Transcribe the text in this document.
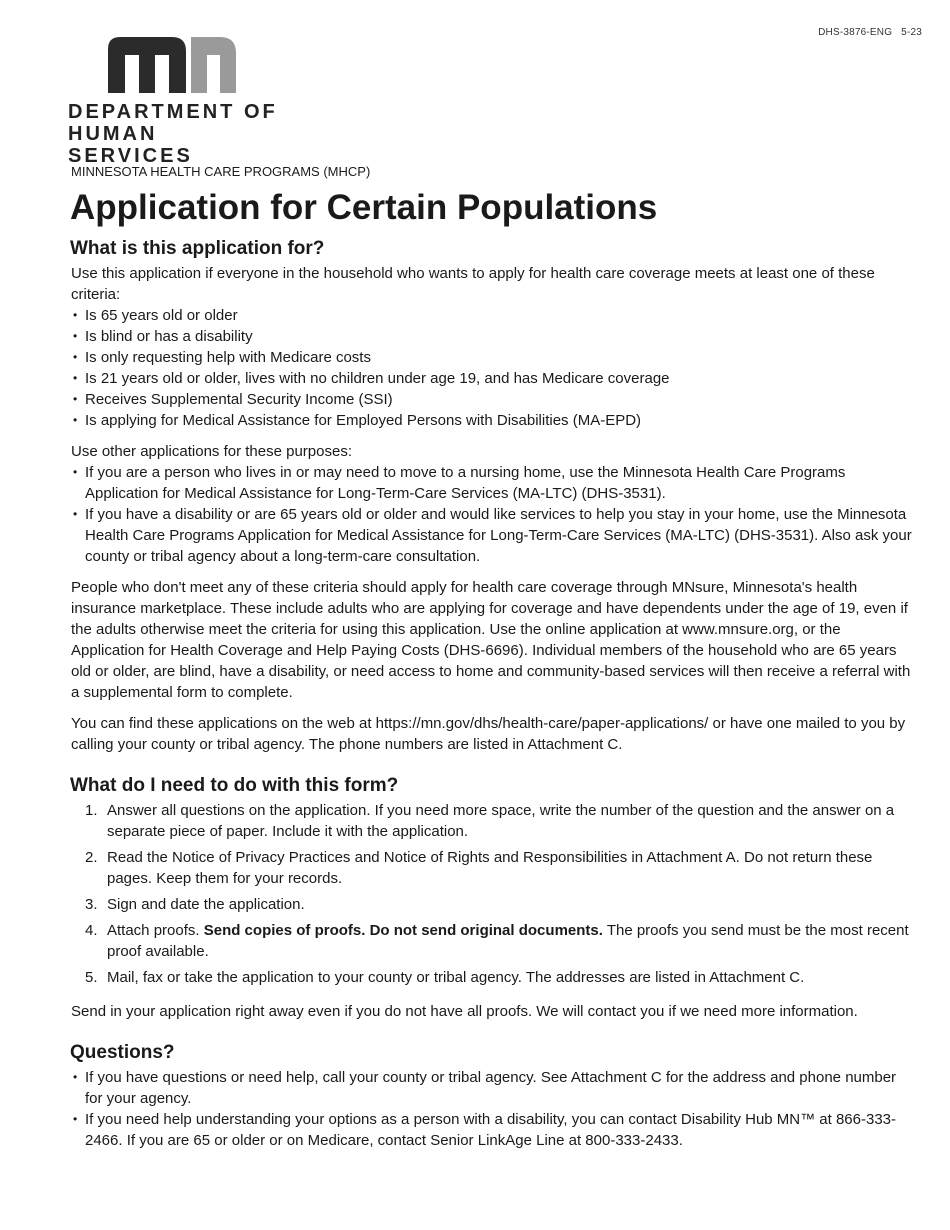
DHS-3876-ENG 5-23
DEPARTMENT OF
HUMAN SERVICES

MINNESOTA HEALTH CARE PROGRAMS (MHCP)

Application for Certain Populations
What is this application for?

Use this application if everyone in the household who wants to apply for health care coverage meets at least one of these criteria:

• Is 65 years old or older
• Is blind or has a disability
• Is only requesting help with Medicare costs
• Is 21 years old or older, lives with no children under age 19, and has Medicare coverage
• Receives Supplemental Security Income (SSI)
• Is applying for Medical Assistance for Employed Persons with Disabilities (MA-EPD)

Use other applications for these purposes:

• If you are a person who lives in or may need to move to a nursing home, use the Minnesota Health Care Programs Application for Medical Assistance for Long-Term-Care Services (MA-LTC) (DHS-3531).
• If you have a disability or are 65 years old or older and would like services to help you stay in your home, use the Minnesota Health Care Programs Application for Medical Assistance for Long-Term-Care Services (MA-LTC) (DHS-3531). Also ask your county or tribal agency about a long-term-care consultation.

People who don't meet any of these criteria should apply for health care coverage through MNsure, Minnesota's health insurance marketplace. These include adults who are applying for coverage and have dependents under the age of 19, even if the adults otherwise meet the criteria for using this application. Use the online application at www.mnsure.org, or the Application for Health Coverage and Help Paying Costs (DHS-6696). Individual members of the household who are 65 years old or older, are blind, have a disability, or need access to home and community-based services will then receive a referral with a supplemental form to complete.

You can find these applications on the web at https://mn.gov/dhs/health-care/paper-applications/ or have one mailed to you by calling your county or tribal agency. The phone numbers are listed in Attachment C.

What do I need to do with this form?
1. Answer all questions on the application. If you need more space, write the number of the question and the answer on a separate piece of paper. Include it with the application.
2. Read the Notice of Privacy Practices and Notice of Rights and Responsibilities in Attachment A. Do not return these pages. Keep them for your records.
3. Sign and date the application.
4. Attach proofs. Send copies of proofs. Do not send original documents. The proofs you send must be the most recent proof available.
5. Mail, fax or take the application to your county or tribal agency. The addresses are listed in Attachment C.

Send in your application right away even if you do not have all proofs. We will contact you if we need more information.

Questions?
• If you have questions or need help, call your county or tribal agency. See Attachment C for the address and phone number for your agency.
• If you need help understanding your options as a person with a disability, you can contact Disability Hub MN™ at 866-333-2466. If you are 65 or older or on Medicare, contact Senior LinkAge Line at 800-333-2433.
